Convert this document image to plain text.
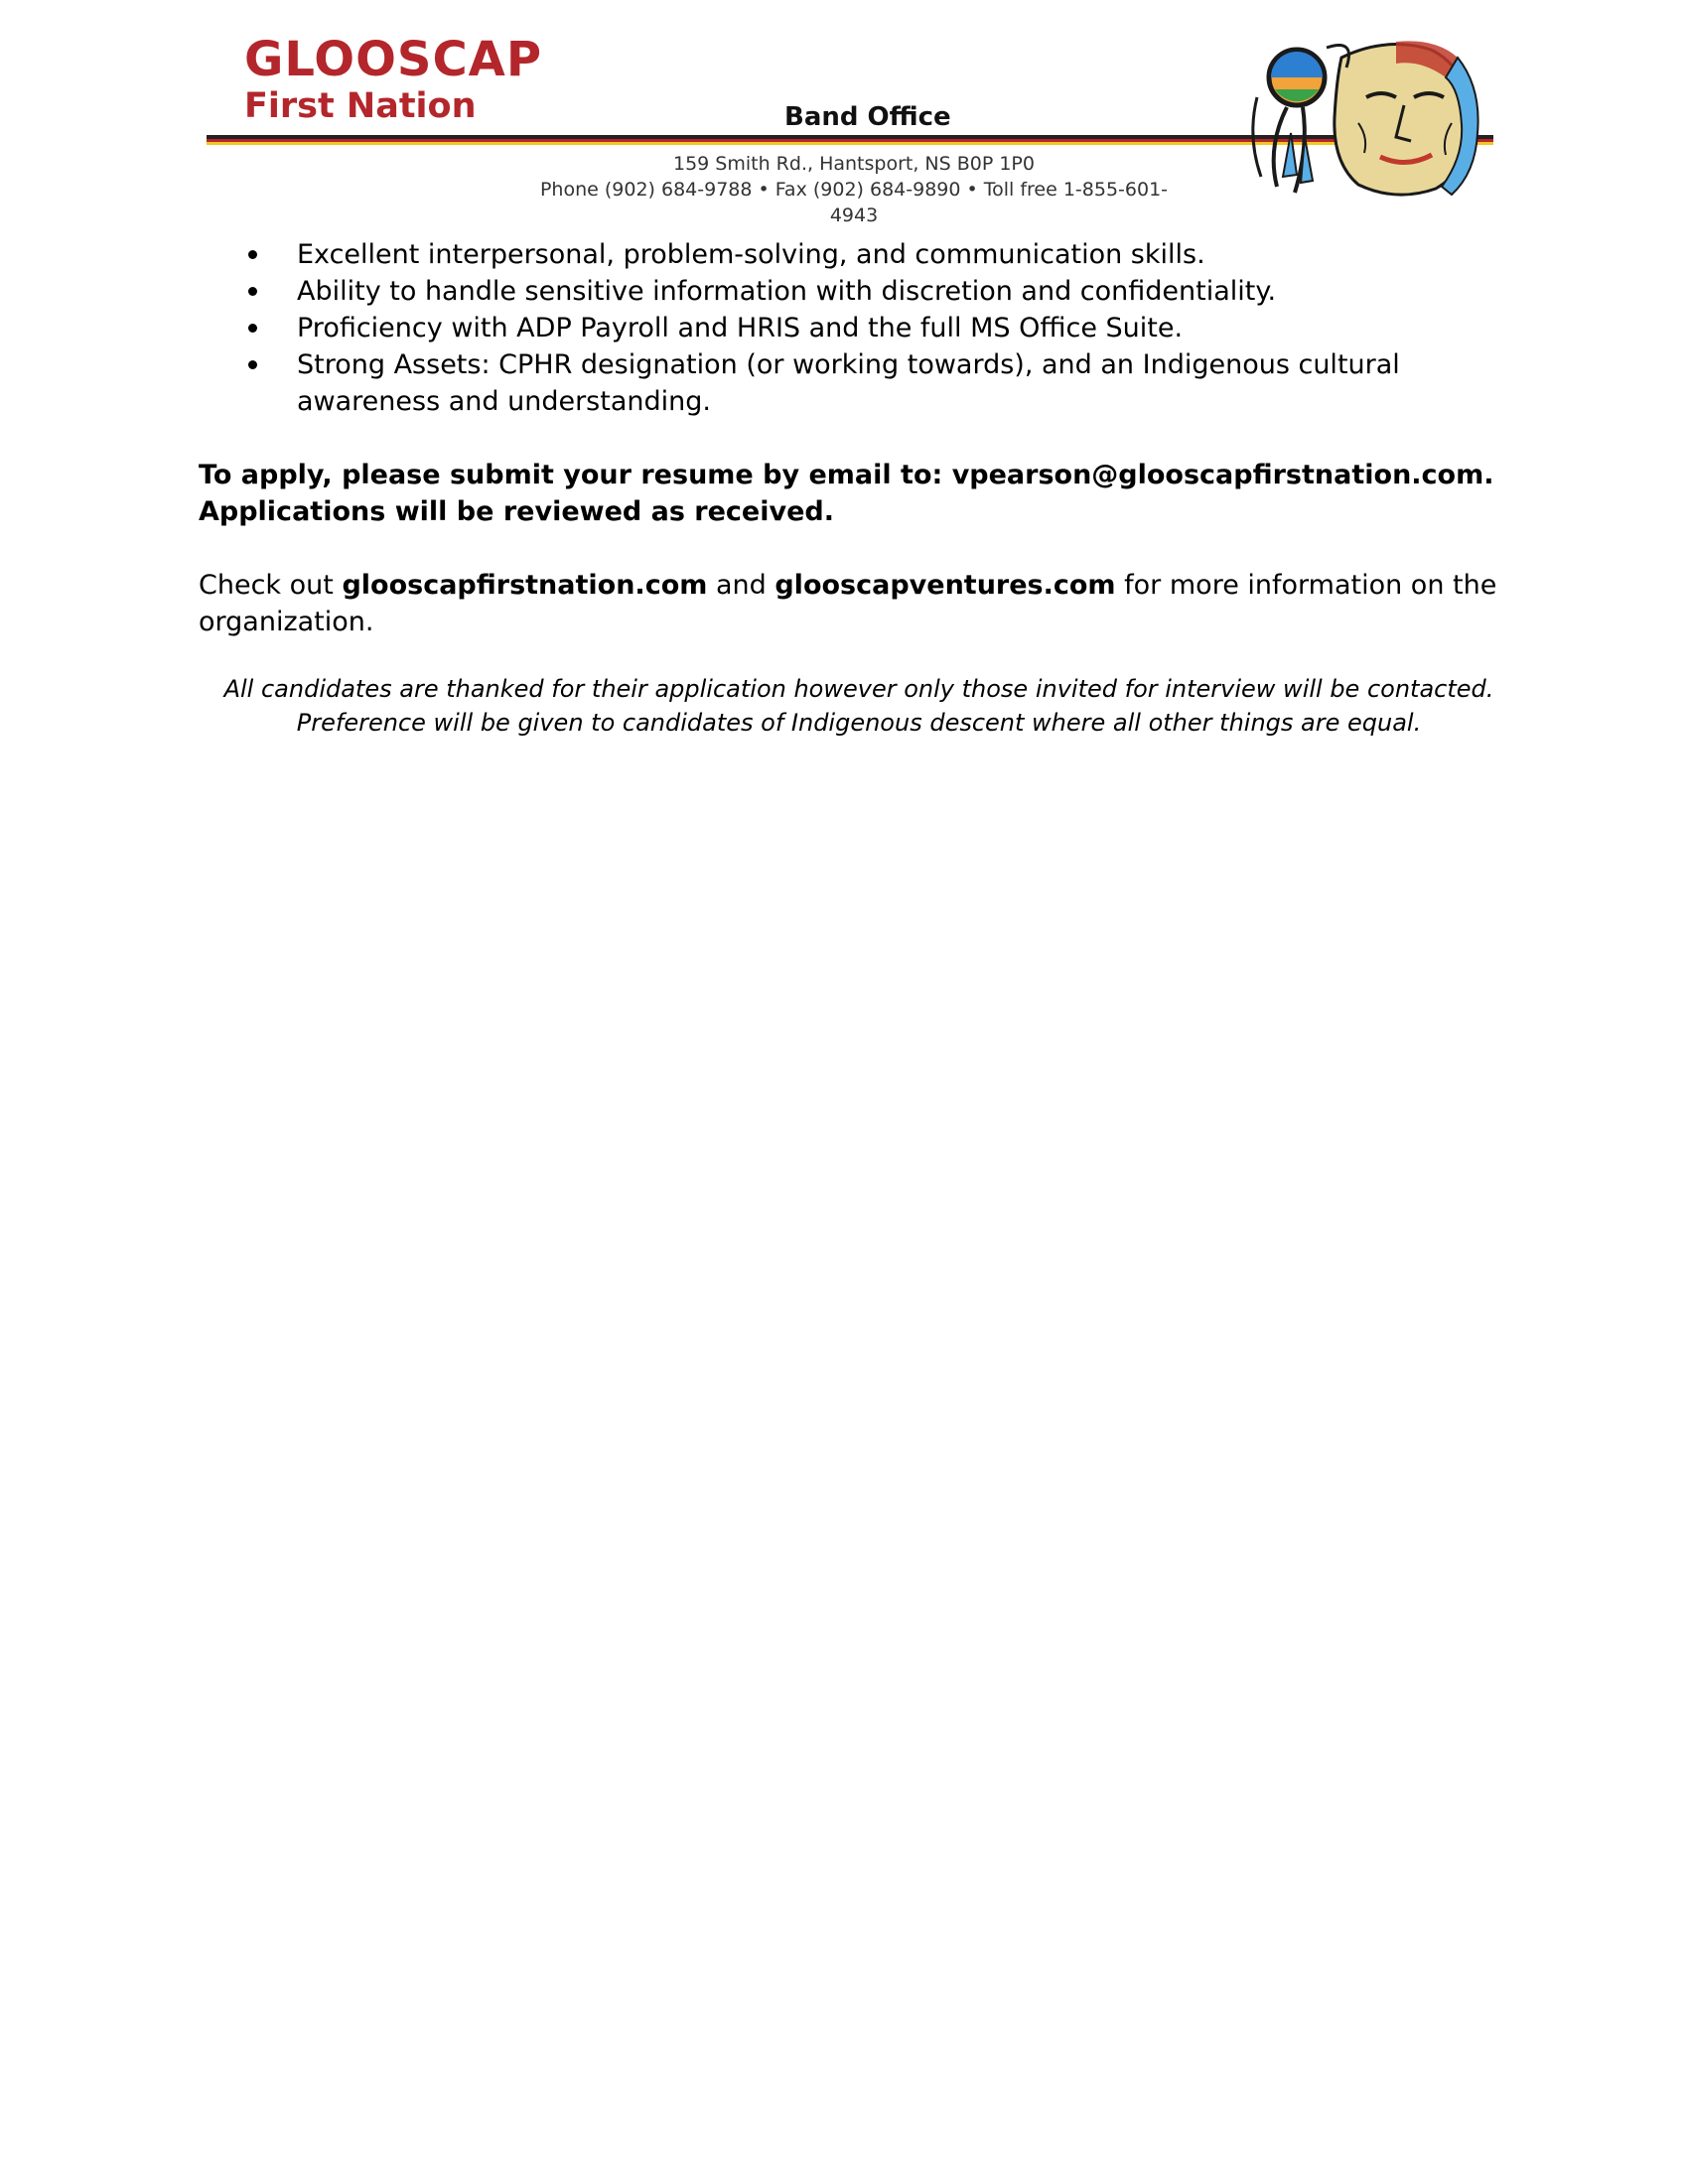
GLOOSCAP
First Nation	Band Office
159 Smith Rd., Hantsport, NS B0P 1P0
Phone (902) 684-9788 • Fax (902) 684-9890 • Toll free 1-855-601-4943
Excellent interpersonal, problem-solving, and communication skills.
Ability to handle sensitive information with discretion and confidentiality.
Proficiency with ADP Payroll and HRIS and the full MS Office Suite.
Strong Assets: CPHR designation (or working towards), and an Indigenous cultural awareness and understanding.

To apply, please submit your resume by email to: vpearson@glooscapfirstnation.com. Applications will be reviewed as received.

Check out glooscapfirstnation.com and glooscapventures.com for more information on the organization.

All candidates are thanked for their application however only those invited for interview will be contacted.
Preference will be given to candidates of Indigenous descent where all other things are equal.
